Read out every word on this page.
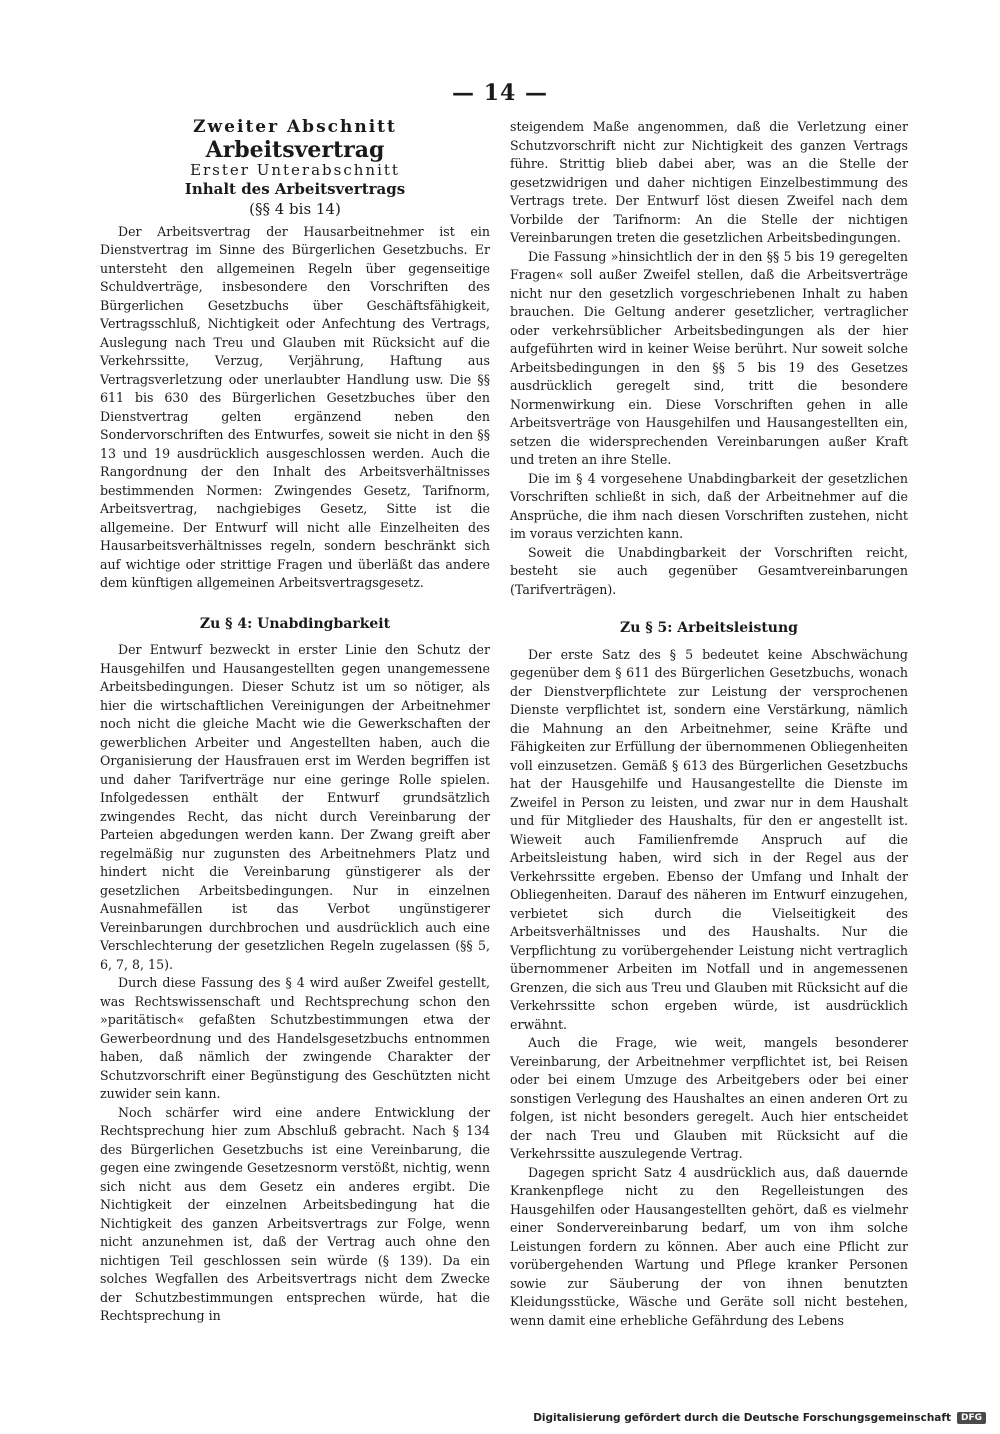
— 14 —
Zweiter Abschnitt
Arbeitsvertrag
Erster Unterabschnitt
Inhalt des Arbeitsvertrags
(§§ 4 bis 14)

Der Arbeitsvertrag der Hausarbeitnehmer ist ein Dienstvertrag im Sinne des Bürgerlichen Gesetzbuchs. Er untersteht den allgemeinen Regeln über gegenseitige Schuldverträge, insbesondere den Vorschriften des Bürgerlichen Gesetzbuchs über Geschäftsfähigkeit, Vertragsschluß, Nichtigkeit oder Anfechtung des Vertrags, Auslegung nach Treu und Glauben mit Rücksicht auf die Verkehrssitte, Verzug, Verjährung, Haftung aus Vertragsverletzung oder unerlaubter Handlung usw. Die §§ 611 bis 630 des Bürgerlichen Gesetzbuches über den Dienstvertrag gelten ergänzend neben den Sondervorschriften des Entwurfes, soweit sie nicht in den §§ 13 und 19 ausdrücklich ausgeschlossen werden. Auch die Rangordnung der den Inhalt des Arbeitsverhältnisses bestimmenden Normen: Zwingendes Gesetz, Tarifnorm, Arbeitsvertrag, nachgiebiges Gesetz, Sitte ist die allgemeine. Der Entwurf will nicht alle Einzelheiten des Hausarbeitsverhältnisses regeln, sondern beschränkt sich auf wichtige oder strittige Fragen und überläßt das andere dem künftigen allgemeinen Arbeitsvertragsgesetz.

Zu § 4: Unabdingbarkeit

Der Entwurf bezweckt in erster Linie den Schutz der Hausgehilfen und Hausangestellten gegen unangemessene Arbeitsbedingungen. Dieser Schutz ist um so nötiger, als hier die wirtschaftlichen Vereinigungen der Arbeitnehmer noch nicht die gleiche Macht wie die Gewerkschaften der gewerblichen Arbeiter und Angestellten haben, auch die Organisierung der Hausfrauen erst im Werden begriffen ist und daher Tarifverträge nur eine geringe Rolle spielen. Infolgedessen enthält der Entwurf grundsätzlich zwingendes Recht, das nicht durch Vereinbarung der Parteien abgedungen werden kann. Der Zwang greift aber regelmäßig nur zugunsten des Arbeitnehmers Platz und hindert nicht die Vereinbarung günstigerer als der gesetzlichen Arbeitsbedingungen. Nur in einzelnen Ausnahmefällen ist das Verbot ungünstigerer Vereinbarungen durchbrochen und ausdrücklich auch eine Verschlechterung der gesetzlichen Regeln zugelassen (§§ 5, 6, 7, 8, 15).

Durch diese Fassung des § 4 wird außer Zweifel gestellt, was Rechtswissenschaft und Rechtsprechung schon den »paritätisch« gefaßten Schutzbestimmungen etwa der Gewerbeordnung und des Handelsgesetzbuchs entnommen haben, daß nämlich der zwingende Charakter der Schutzvorschrift einer Begünstigung des Geschützten nicht zuwider sein kann.

Noch schärfer wird eine andere Entwicklung der Rechtsprechung hier zum Abschluß gebracht. Nach § 134 des Bürgerlichen Gesetzbuchs ist eine Vereinbarung, die gegen eine zwingende Gesetzesnorm verstößt, nichtig, wenn sich nicht aus dem Gesetz ein anderes ergibt. Die Nichtigkeit der einzelnen Arbeitsbedingung hat die Nichtigkeit des ganzen Arbeitsvertrags zur Folge, wenn nicht anzunehmen ist, daß der Vertrag auch ohne den nichtigen Teil geschlossen sein würde (§ 139). Da ein solches Wegfallen des Arbeitsvertrags nicht dem Zwecke der Schutzbestimmungen entsprechen würde, hat die Rechtsprechung in

steigendem Maße angenommen, daß die Verletzung einer Schutzvorschrift nicht zur Nichtigkeit des ganzen Vertrags führe. Strittig blieb dabei aber, was an die Stelle der gesetzwidrigen und daher nichtigen Einzelbestimmung des Vertrags trete. Der Entwurf löst diesen Zweifel nach dem Vorbilde der Tarifnorm: An die Stelle der nichtigen Vereinbarungen treten die gesetzlichen Arbeitsbedingungen.

Die Fassung »hinsichtlich der in den §§ 5 bis 19 geregelten Fragen« soll außer Zweifel stellen, daß die Arbeitsverträge nicht nur den gesetzlich vorgeschriebenen Inhalt zu haben brauchen. Die Geltung anderer gesetzlicher, vertraglicher oder verkehrsüblicher Arbeitsbedingungen als der hier aufgeführten wird in keiner Weise berührt. Nur soweit solche Arbeitsbedingungen in den §§ 5 bis 19 des Gesetzes ausdrücklich geregelt sind, tritt die besondere Normenwirkung ein. Diese Vorschriften gehen in alle Arbeitsverträge von Hausgehilfen und Hausangestellten ein, setzen die widersprechenden Vereinbarungen außer Kraft und treten an ihre Stelle.

Die im § 4 vorgesehene Unabdingbarkeit der gesetzlichen Vorschriften schließt in sich, daß der Arbeitnehmer auf die Ansprüche, die ihm nach diesen Vorschriften zustehen, nicht im voraus verzichten kann.

Soweit die Unabdingbarkeit der Vorschriften reicht, besteht sie auch gegenüber Gesamtvereinbarungen (Tarifverträgen).

Zu § 5: Arbeitsleistung

Der erste Satz des § 5 bedeutet keine Abschwächung gegenüber dem § 611 des Bürgerlichen Gesetzbuchs, wonach der Dienstverpflichtete zur Leistung der versprochenen Dienste verpflichtet ist, sondern eine Verstärkung, nämlich die Mahnung an den Arbeitnehmer, seine Kräfte und Fähigkeiten zur Erfüllung der übernommenen Obliegenheiten voll einzusetzen. Gemäß § 613 des Bürgerlichen Gesetzbuchs hat der Hausgehilfe und Hausangestellte die Dienste im Zweifel in Person zu leisten, und zwar nur in dem Haushalt und für Mitglieder des Haushalts, für den er angestellt ist. Wieweit auch Familienfremde Anspruch auf die Arbeitsleistung haben, wird sich in der Regel aus der Verkehrssitte ergeben. Ebenso der Umfang und Inhalt der Obliegenheiten. Darauf des näheren im Entwurf einzugehen, verbietet sich durch die Vielseitigkeit des Arbeitsverhältnisses und des Haushalts. Nur die Verpflichtung zu vorübergehender Leistung nicht vertraglich übernommener Arbeiten im Notfall und in angemessenen Grenzen, die sich aus Treu und Glauben mit Rücksicht auf die Verkehrssitte schon ergeben würde, ist ausdrücklich erwähnt.

Auch die Frage, wie weit, mangels besonderer Vereinbarung, der Arbeitnehmer verpflichtet ist, bei Reisen oder bei einem Umzuge des Arbeitgebers oder bei einer sonstigen Verlegung des Haushaltes an einen anderen Ort zu folgen, ist nicht besonders geregelt. Auch hier entscheidet der nach Treu und Glauben mit Rücksicht auf die Verkehrssitte auszulegende Vertrag.

Dagegen spricht Satz 4 ausdrücklich aus, daß dauernde Krankenpflege nicht zu den Regelleistungen des Hausgehilfen oder Hausangestellten gehört, daß es vielmehr einer Sondervereinbarung bedarf, um von ihm solche Leistungen fordern zu können. Aber auch eine Pflicht zur vorübergehenden Wartung und Pflege kranker Personen sowie zur Säuberung der von ihnen benutzten Kleidungsstücke, Wäsche und Geräte soll nicht bestehen, wenn damit eine erhebliche Gefährdung des Lebens

Digitalisierung gefördert durch die Deutsche Forschungsgemeinschaft	DFG
